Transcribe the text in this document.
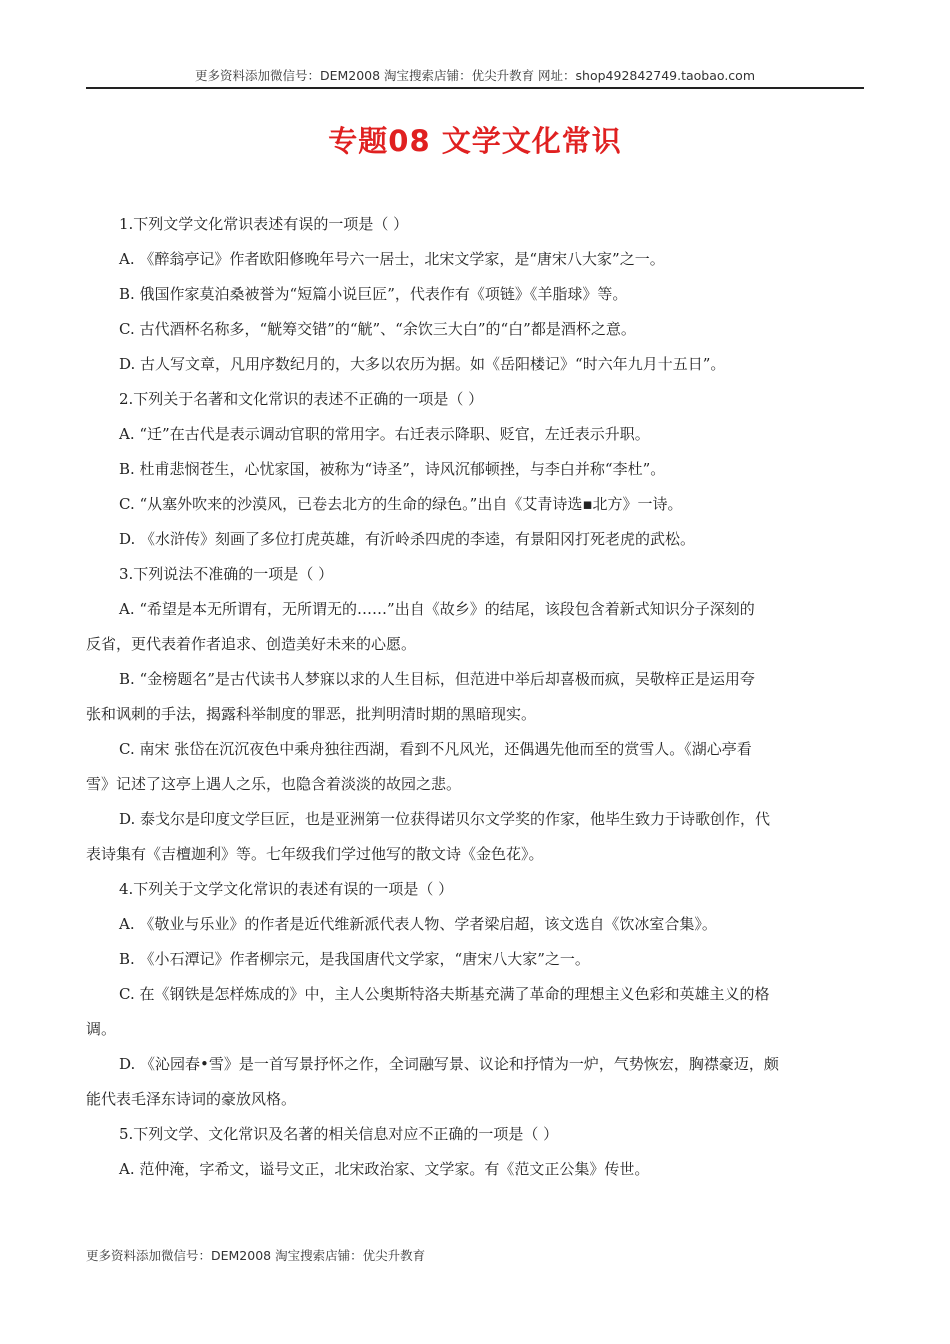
更多资料添加微信号：DEM2008 淘宝搜索店铺：优尖升教育 网址：shop492842749.taobao.com
专题08 文学文化常识

1.下列文学文化常识表述有误的一项是（ ）

A. 《醉翁亭记》作者欧阳修晚年号六一居士，北宋文学家，是“唐宋八大家”之一。

B. 俄国作家莫泊桑被誉为“短篇小说巨匠”，代表作有《项链》《羊脂球》等。

C. 古代酒杯名称多，“觥筹交错”的“觥”、“余饮三大白”的“白”都是酒杯之意。

D. 古人写文章，凡用序数纪月的，大多以农历为据。如《岳阳楼记》“时六年九月十五日”。

2.下列关于名著和文化常识的表述不正确的一项是（ ）

A. “迁”在古代是表示调动官职的常用字。右迁表示降职、贬官，左迁表示升职。

B. 杜甫悲悯苍生，心忧家国，被称为“诗圣”，诗风沉郁顿挫，与李白并称“李杜”。

C. “从塞外吹来的沙漠风，已卷去北方的生命的绿色。”出自《艾青诗选▪北方》一诗。

D. 《水浒传》刻画了多位打虎英雄，有沂岭杀四虎的李逵，有景阳冈打死老虎的武松。

3.下列说法不准确的一项是（ ）

A. “希望是本无所谓有，无所谓无的……”出自《故乡》的结尾，该段包含着新式知识分子深刻的

反省，更代表着作者追求、创造美好未来的心愿。

B. “金榜题名”是古代读书人梦寐以求的人生目标，但范进中举后却喜极而疯，吴敬梓正是运用夸

张和讽刺的手法，揭露科举制度的罪恶，批判明清时期的黑暗现实。

C. 南宋 张岱在沉沉夜色中乘舟独往西湖，看到不凡风光，还偶遇先他而至的赏雪人。《湖心亭看

雪》记述了这亭上遇人之乐，也隐含着淡淡的故园之悲。

D. 泰戈尔是印度文学巨匠，也是亚洲第一位获得诺贝尔文学奖的作家，他毕生致力于诗歌创作，代

表诗集有《吉檀迦利》等。七年级我们学过他写的散文诗《金色花》。

4.下列关于文学文化常识的表述有误的一项是（ ）

A. 《敬业与乐业》的作者是近代维新派代表人物、学者梁启超，该文选自《饮冰室合集》。

B. 《小石潭记》作者柳宗元，是我国唐代文学家，“唐宋八大家”之一。

C. 在《钢铁是怎样炼成的》中，主人公奥斯特洛夫斯基充满了革命的理想主义色彩和英雄主义的格

调。

D. 《沁园春•雪》是一首写景抒怀之作，全词融写景、议论和抒情为一炉，气势恢宏，胸襟豪迈，颇

能代表毛泽东诗词的豪放风格。

5.下列文学、文化常识及名著的相关信息对应不正确的一项是（ ）

A. 范仲淹，字希文，谥号文正，北宋政治家、文学家。有《范文正公集》传世。

更多资料添加微信号：DEM2008 淘宝搜索店铺：优尖升教育
